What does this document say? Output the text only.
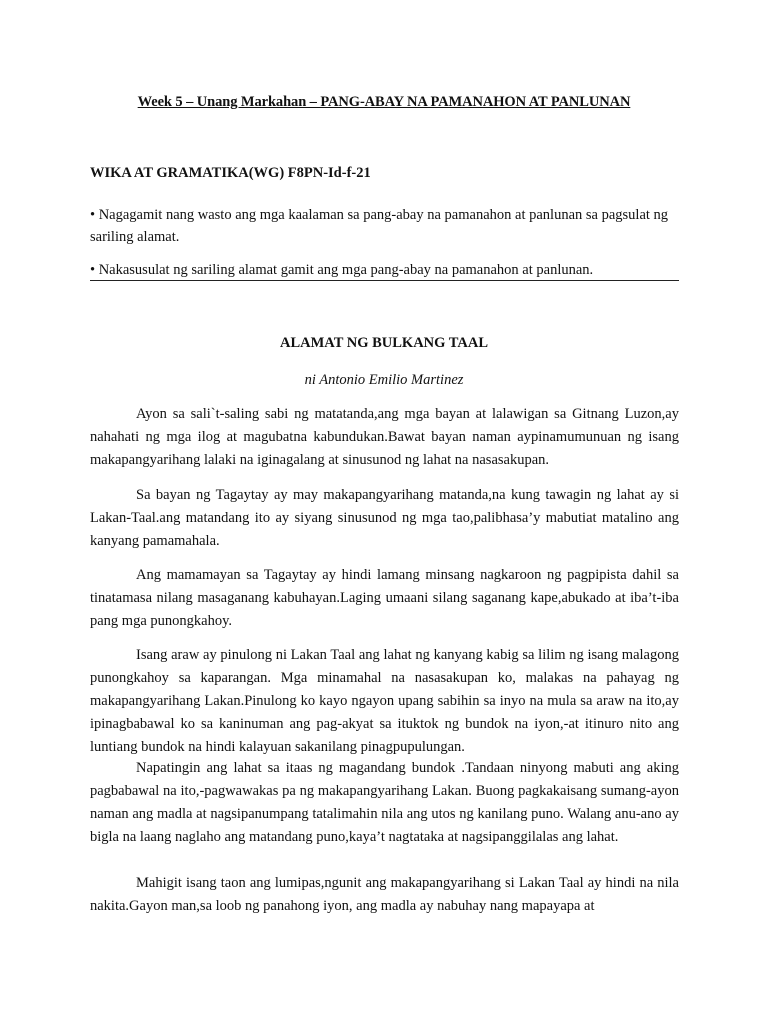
Week 5 – Unang Markahan – PANG-ABAY NA PAMANAHON AT PANLUNAN
WIKA AT GRAMATIKA(WG) F8PN-Id-f-21
• Nagagamit nang wasto ang mga kaalaman sa pang-abay na pamanahon at panlunan sa pagsulat ng sariling alamat.
• Nakasusulat ng sariling alamat gamit ang mga pang-abay na pamanahon at panlunan.
ALAMAT NG BULKANG TAAL
ni Antonio Emilio Martinez

Ayon sa sali`t-saling sabi ng matatanda,ang mga bayan at lalawigan sa Gitnang Luzon,ay nahahati ng mga ilog at magubatna kabundukan.Bawat bayan naman aypinamumunuan ng isang makapangyarihang lalaki na iginagalang at sinusunod ng lahat na nasasakupan.

Sa bayan ng Tagaytay ay may makapangyarihang matanda,na kung tawagin ng lahat ay si Lakan-Taal.ang matandang ito ay siyang sinusunod ng mga tao,palibhasa’y mabutiat matalino ang kanyang pamamahala.

Ang mamamayan sa Tagaytay ay hindi lamang minsang nagkaroon ng pagpipista dahil sa tinatamasa nilang masaganang kabuhayan.Laging umaani silang saganang kape,abukado at iba’t-iba pang mga punongkahoy.

Isang araw ay pinulong ni Lakan Taal ang lahat ng kanyang kabig sa lilim ng isang malagong punongkahoy sa kaparangan. Mga minamahal na nasasakupan ko, malakas na pahayag ng makapangyarihang Lakan.Pinulong ko kayo ngayon upang sabihin sa inyo na mula sa araw na ito,ay ipinagbabawal ko sa kaninuman ang pag-akyat sa ituktok ng bundok na iyon,-at itinuro nito ang luntiang bundok na hindi kalayuan sakanilang pinagpupulungan.

Napatingin ang lahat sa itaas ng magandang bundok .Tandaan ninyong mabuti ang aking pagbabawal na ito,-pagwawakas pa ng makapangyarihang Lakan. Buong pagkakaisang sumang-ayon naman ang madla at nagsipanumpang tatalimahin nila ang utos ng kanilang puno. Walang anu-ano ay bigla na laang naglaho ang matandang puno,kaya’t nagtataka at nagsipanggilalas ang lahat.

Mahigit isang taon ang lumipas,ngunit ang makapangyarihang si Lakan Taal ay hindi na nila nakita.Gayon man,sa loob ng panahong iyon, ang madla ay nabuhay nang mapayapa at
